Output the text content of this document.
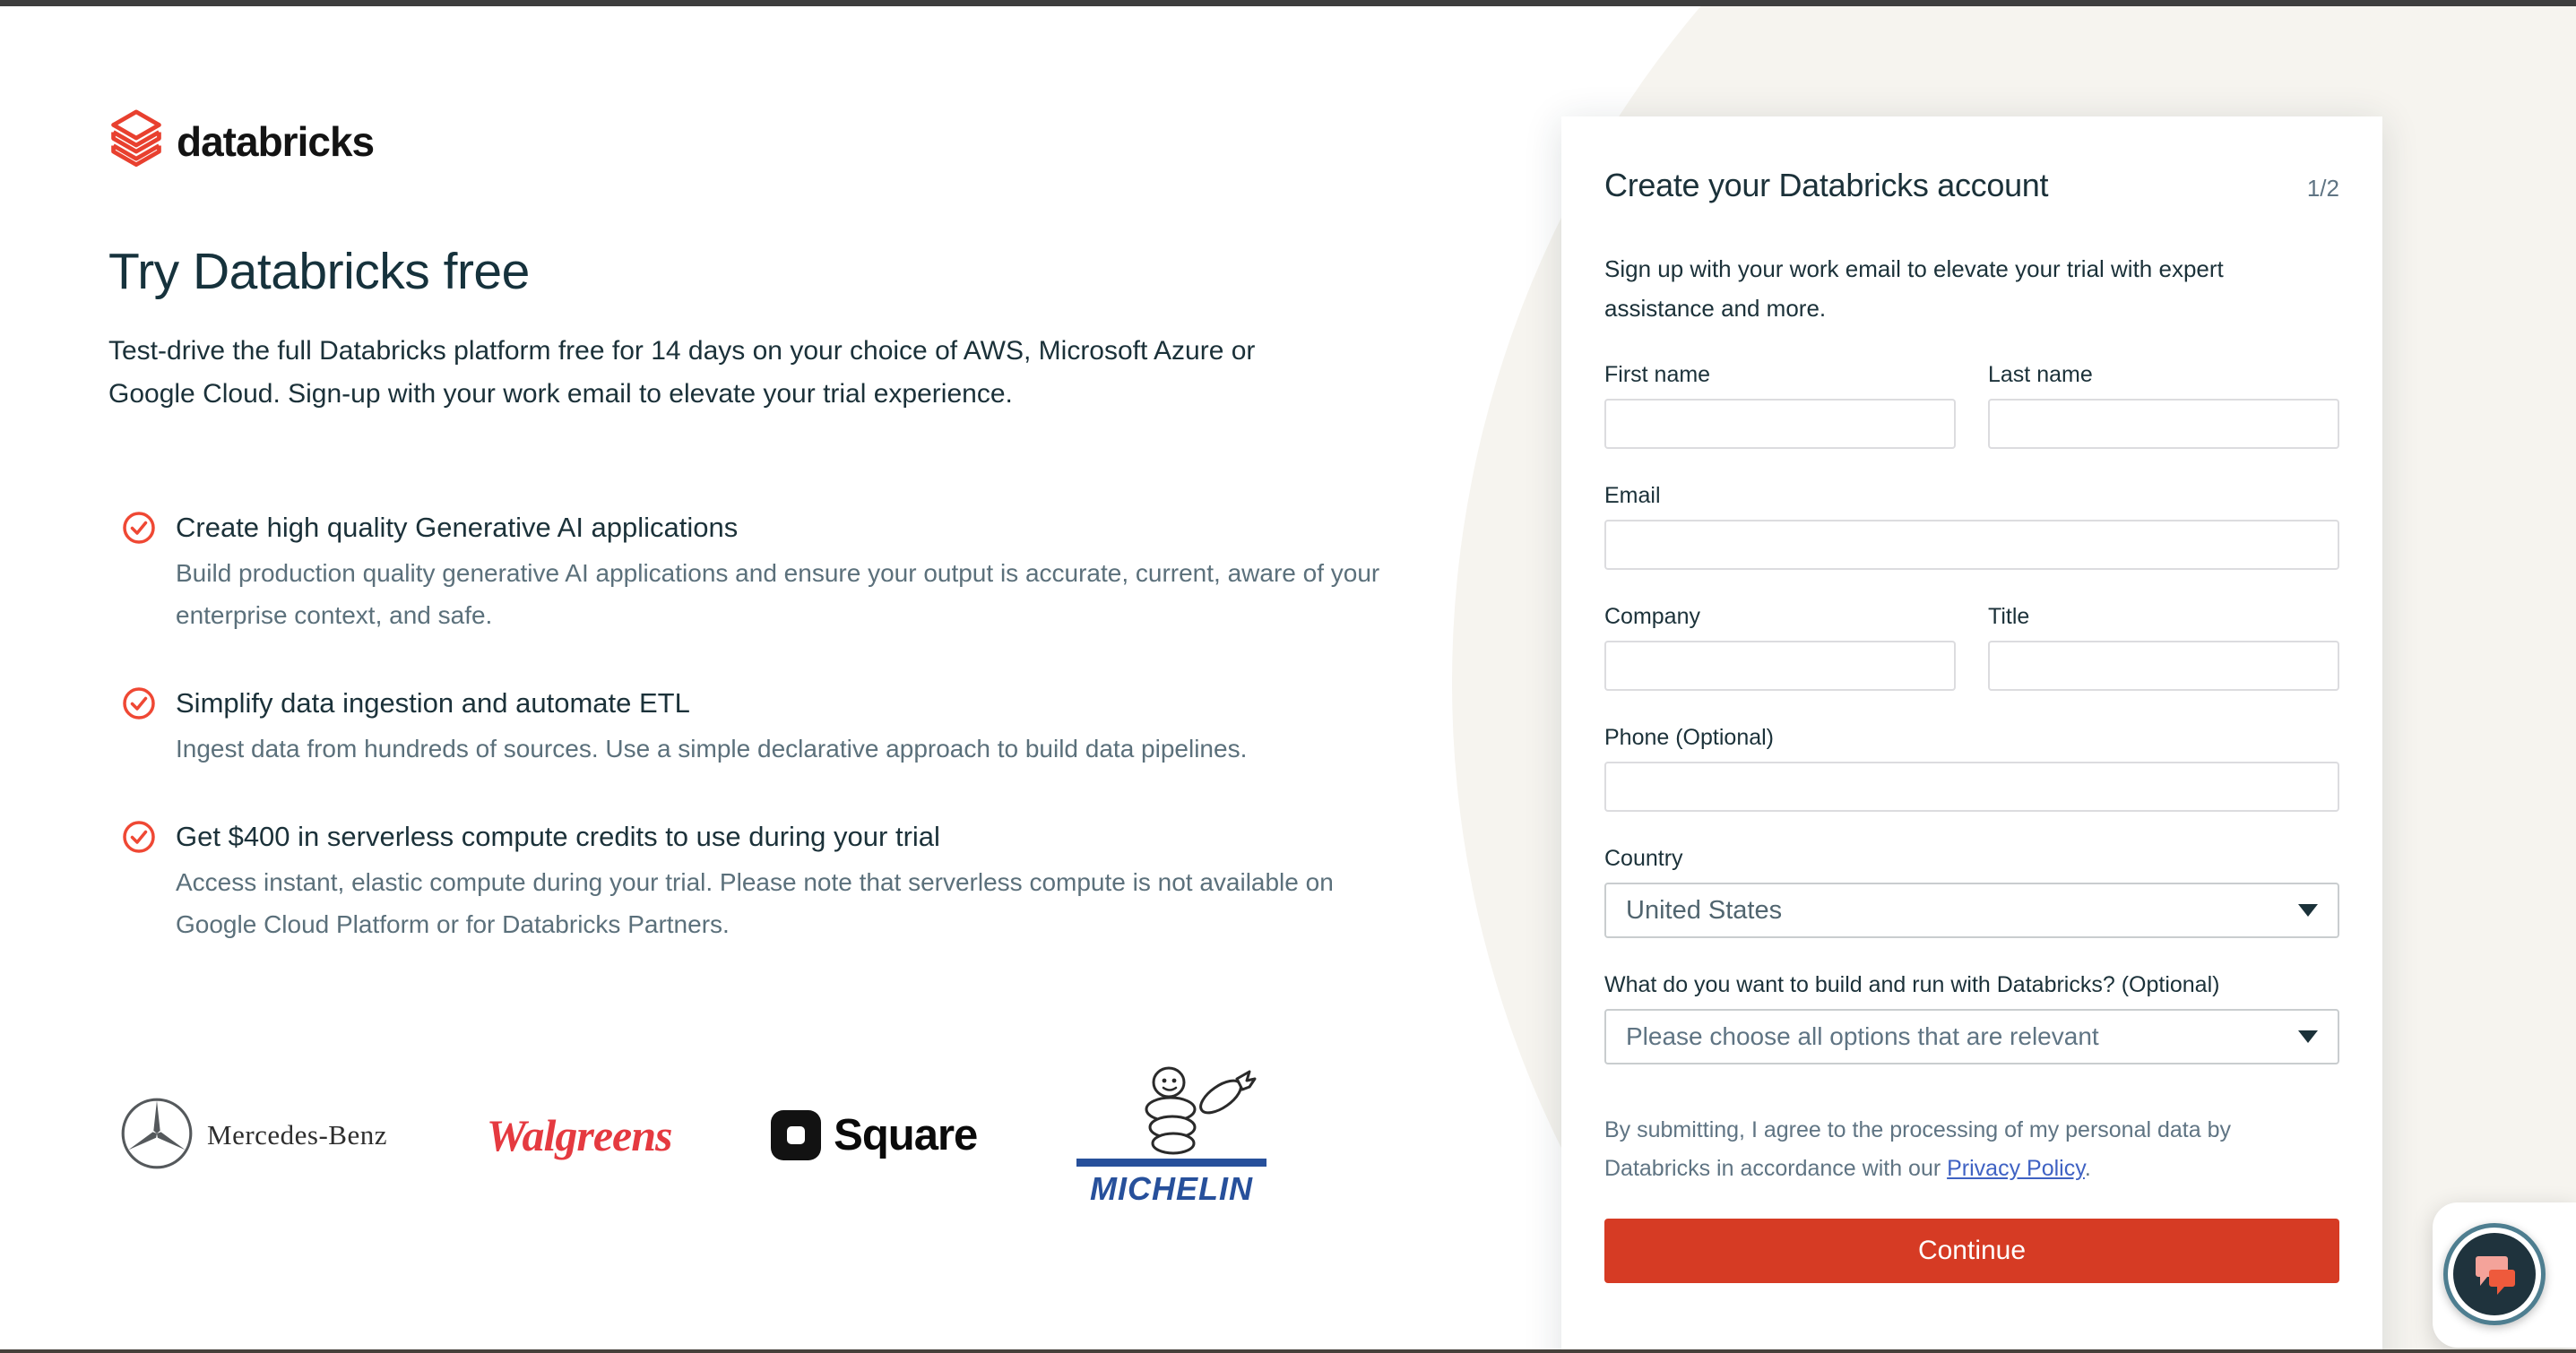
databricks
Try Databricks free
Test-drive the full Databricks platform free for 14 days on your choice of AWS, Microsoft Azure or Google Cloud. Sign-up with your work email to elevate your trial experience.
Create high quality Generative AI applications
Build production quality generative AI applications and ensure your output is accurate, current, aware of your enterprise context, and safe.
Simplify data ingestion and automate ETL
Ingest data from hundreds of sources. Use a simple declarative approach to build data pipelines.
Get $400 in serverless compute credits to use during your trial
Access instant, elastic compute during your trial. Please note that serverless compute is not available on Google Cloud Platform or for Databricks Partners.
Mercedes-Benz Walgreens	Square
MICHELIN
Create your Databricks account	1/2
Sign up with your work email to elevate your trial with expert assistance and more.
First name	Last name
Email
Company	Title
Phone (Optional)
Country
United States
What do you want to build and run with Databricks? (Optional)
Please choose all options that are relevant
By submitting, I agree to the processing of my personal data by Databricks in accordance with our Privacy Policy.
Continue
